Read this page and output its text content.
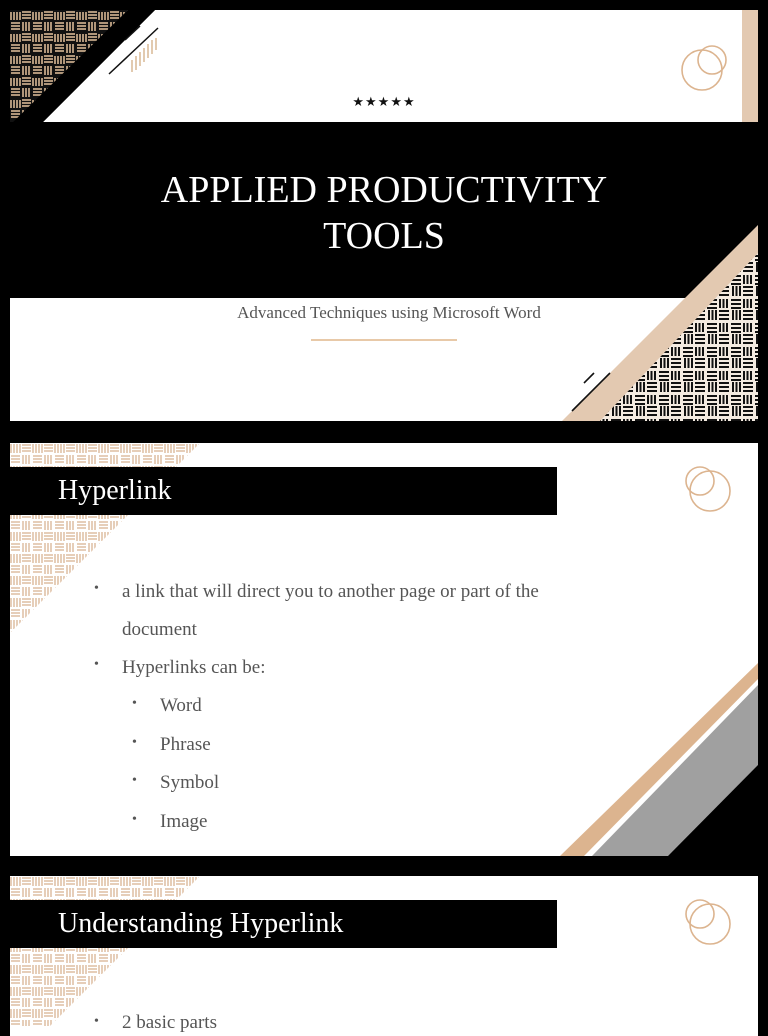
★★★★★
APPLIED PRODUCTIVITY
TOOLS
Advanced Techniques using Microsoft Word
Hyperlink
• a link that will direct you to another page or part of the
document
• Hyperlinks can be:
• Word
• Phrase
• Symbol
• Image
Understanding Hyperlink
• 2 basic parts
